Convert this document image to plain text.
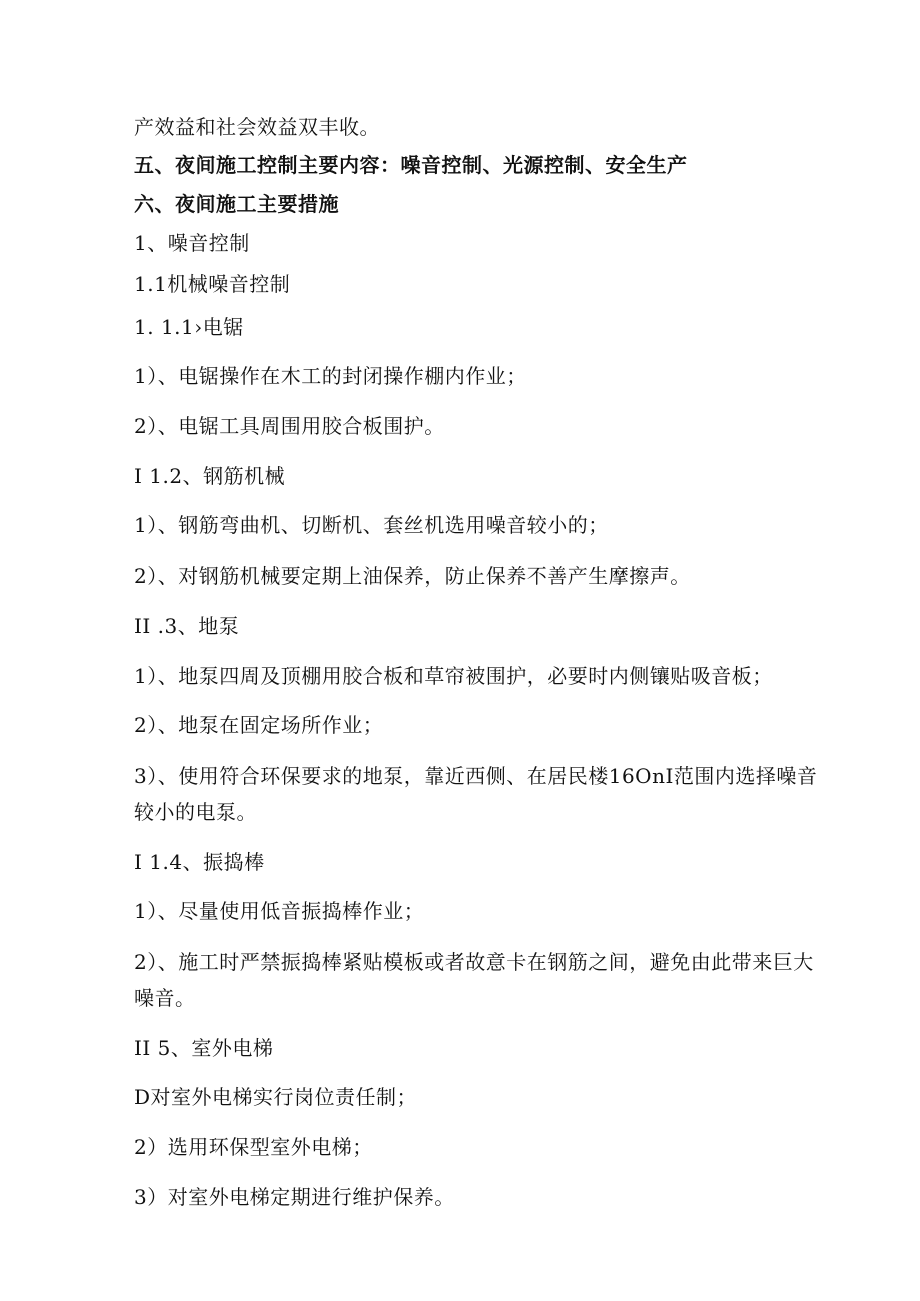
产效益和社会效益双丰收。
五、夜间施工控制主要内容：噪音控制、光源控制、安全生产
六、夜间施工主要措施
1、噪音控制
1.1机械噪音控制
1. 1.1›电锯
1）、电锯操作在木工的封闭操作棚内作业；
2）、电锯工具周围用胶合板围护。
I 1.2、钢筋机械
1）、钢筋弯曲机、切断机、套丝机选用噪音较小的；
2）、对钢筋机械要定期上油保养，防止保养不善产生摩擦声。
II .3、地泵
1）、地泵四周及顶棚用胶合板和草帘被围护，必要时内侧镶贴吸音板；
2）、地泵在固定场所作业；
3）、使用符合环保要求的地泵，靠近西侧、在居民楼16OnI范围内选择噪音较小的电泵。
I 1.4、振捣棒
1）、尽量使用低音振捣棒作业；
2）、施工时严禁振捣棒紧贴模板或者故意卡在钢筋之间，避免由此带来巨大噪音。
II 5、室外电梯
D对室外电梯实行岗位责任制；
2）选用环保型室外电梯；
3）对室外电梯定期进行维护保养。
